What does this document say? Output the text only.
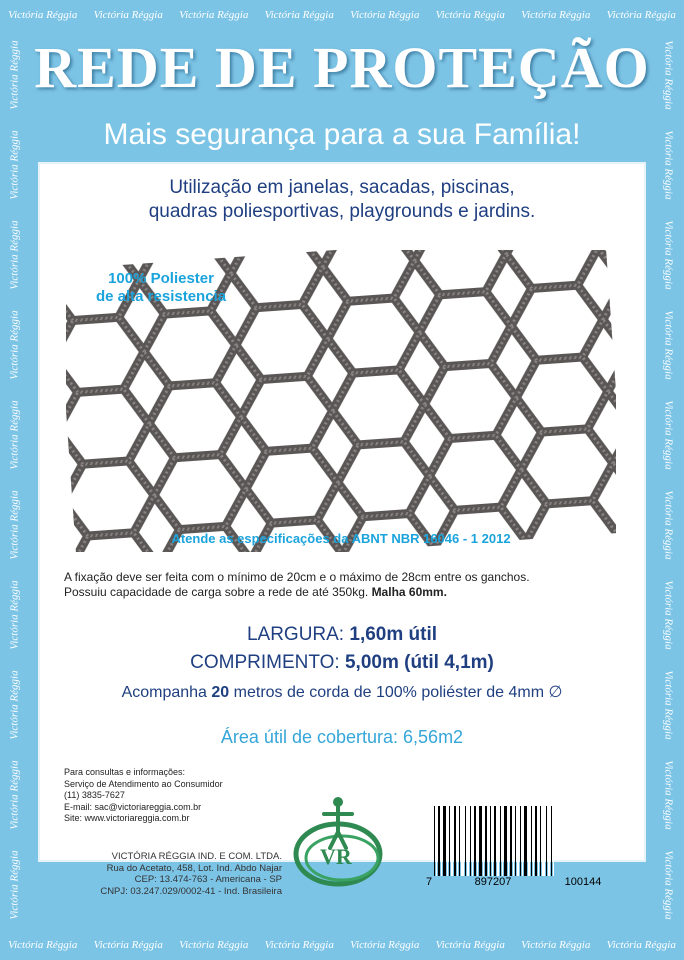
Victória Réggia Victória Réggia Victória Réggia Victória Réggia Victória Réggia Victória Réggia Victória Réggia Victória Réggia
Victória Réggia Victória Réggia Victória Réggia Victória Réggia Victória Réggia Victória Réggia Victória Réggia Victória Réggia
Victória Réggia
Victória Réggia
Victória Réggia
Victória Réggia
Victória Réggia
Victória Réggia
Victória Réggia
Victória Réggia
Victória Réggia
Victória Réggia
Victória Réggia
Victória Réggia
Victória Réggia
Victória Réggia
Victória Réggia
Victória Réggia
Victória Réggia
Victória Réggia
Victória Réggia
Victória Réggia
REDE DE PROTEÇÃO
Mais segurança para a sua Família!
Utilização em janelas, sacadas, piscinas,
quadras poliesportivas, playgrounds e jardins.
100% Poliester
de alta resistencia
Atende as especificações da ABNT NBR 16046 - 1 2012
A fixação deve ser feita com o mínimo de 20cm e o máximo de 28cm entre os ganchos.
Possuiu capacidade de carga sobre a rede de até 350kg. Malha 60mm.
LARGURA: 1,60m útil
COMPRIMENTO: 5,00m (útil 4,1m)
Acompanha 20 metros de corda de 100% poliéster de 4mm ∅
Área útil de cobertura: 6,56m2
Para consultas e informações:
Serviço de Atendimento ao Consumidor
(11) 3835-7627
E-mail: sac@victoriareggia.com.br
Site: www.victoriareggia.com.br
VICTÓRIA RÉGGIA IND. E COM. LTDA.
Rua do Acetato, 458, Lot. Ind. Abdo Najar
CEP: 13.474-763 - Americana - SP
CNPJ: 03.247.029/0002-41 - Ind. Brasileira
VR
7	897207	100144
